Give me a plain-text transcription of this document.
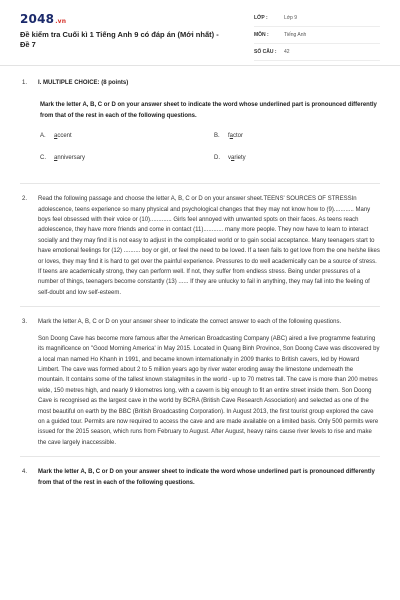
2048.vn
Đề kiểm tra Cuối kì 1 Tiếng Anh 9 có đáp án (Mới nhất) - Đề 7
LỚP :	Lớp 9
MÔN :	Tiếng Anh
SỐ CÂU : 42
1. I. MULTIPLE CHOICE: (8 points)
Mark the letter A, B, C or D on your answer sheet to indicate the word whose underlined part is pronounced differently from that of the rest in each of the following questions.
A. accent	B. factor
C. anniversary	D. variety
2. Read the following passage and choose the letter A, B, C or D on your answer sheet.TEENS' SOURCES OF STRESSIn adolescence, teens experience so many physical and psychological changes that they may not know how to (9)............ Many boys feel obsessed with their voice or (10)............. Girls feel annoyed with unwanted spots on their faces. As teens reach adolescence, they have more friends and come in contact (11)............ many more people. They now have to learn to interact socially and they may find it is not easy to adjust in the complicated world or to gain social acceptance. Many teenagers start to have emotional feelings for (12) .......... boy or girl, or feel the need to be loved. If a teen fails to get love from the one he/she likes or loves, they may find it is hard to get over the painful experience. Pressures to do well academically can be a source of stress. If teens are academically strong, they can perform well. If not, they suffer from endless stress. Being under pressures of a number of things, teenagers become constantly (13) ...... If they are unlucky to fail in anything, they may fall into the feeling of self-doubt and low self-esteem.
3. Mark the letter A, B, C or D on your answer sheer to indicate the correct answer to each of the following questions.
Son Doong Cave has become more famous after the American Broadcasting Company (ABC) aired a live programme featuring its magnificence on "Good Morning America' in May 2015. Located in Quang Binh Province, Son Doong Cave was discovered by a local man named Ho Khanh in 1991, and became known internationally in 2009 thanks to British cavers, led by Howard Limbert. The cave was formed about 2 to 5 million years ago by river water eroding away the limestone underneath the mountain. It contains some of the tallest known stalagmites in the world - up to 70 metres tall. The cave is more than 200 metres wide, 150 metres high, and nearly 9 kilometres long, with a cavern is big enough to fit an entire street inside them. Son Doong Cave is recognised as the largest cave in the world by BCRA (British Cave Research Association) and selected as one of the most beautiful on earth by the BBC (British Broadcasting Corporation). In August 2013, the first tourist group explored the cave on a guided tour. Permits are now required to access the cave and are made available on a limited basis. Only 500 permits were issued for the 2015 season, which runs from February to August. After August, heavy rains cause river levels to rise and make the cave largely inaccessible.
4. Mark the letter A, B, C or D on your answer sheet to indicate the word whose underlined part is pronounced differently from that of the rest in each of the following questions.
